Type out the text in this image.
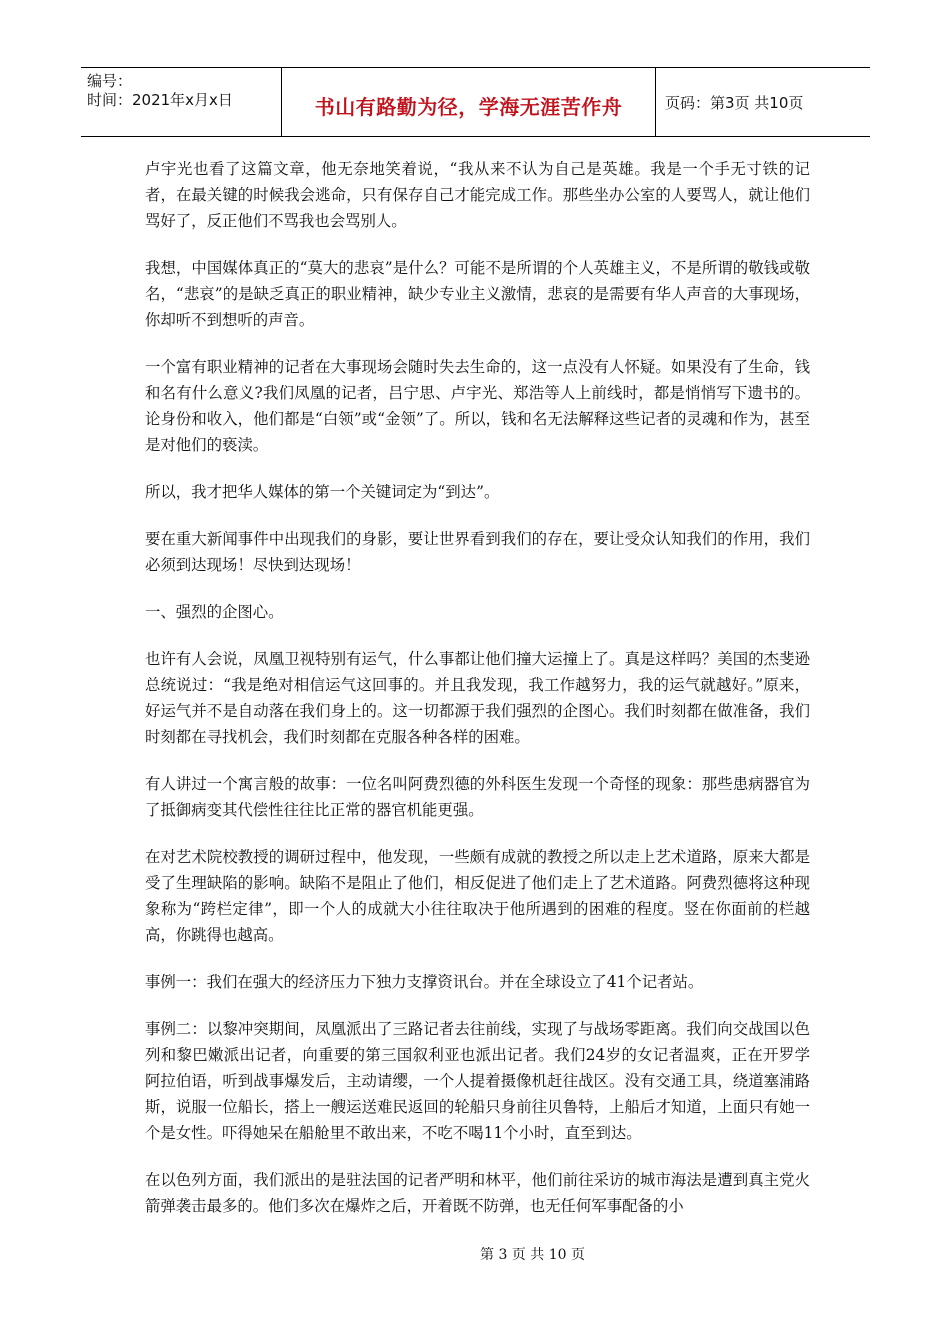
编号：
时间：2021年x月x日	书山有路勤为径，学海无涯苦作舟	页码：第3页 共10页

卢宇光也看了这篇文章，他无奈地笑着说，“我从来不认为自己是英雄。我是一个手无寸铁的记者，在最关键的时候我会逃命，只有保存自己才能完成工作。那些坐办公室的人要骂人，就让他们骂好了，反正他们不骂我也会骂别人。

我想，中国媒体真正的“莫大的悲哀”是什么？可能不是所谓的个人英雄主义，不是所谓的敬钱或敬名，“悲哀”的是缺乏真正的职业精神，缺少专业主义激情，悲哀的是需要有华人声音的大事现场，你却听不到想听的声音。

一个富有职业精神的记者在大事现场会随时失去生命的，这一点没有人怀疑。如果没有了生命，钱和名有什么意义?我们凤凰的记者，吕宁思、卢宇光、郑浩等人上前线时，都是悄悄写下遗书的。论身份和收入，他们都是“白领”或“金领”了。所以，钱和名无法解释这些记者的灵魂和作为，甚至是对他们的亵渎。

所以，我才把华人媒体的第一个关键词定为“到达”。

要在重大新闻事件中出现我们的身影，要让世界看到我们的存在，要让受众认知我们的作用，我们必须到达现场！尽快到达现场！

一、强烈的企图心。

也许有人会说，凤凰卫视特别有运气，什么事都让他们撞大运撞上了。真是这样吗？美国的杰斐逊总统说过：“我是绝对相信运气这回事的。并且我发现，我工作越努力，我的运气就越好。”原来，好运气并不是自动落在我们身上的。这一切都源于我们强烈的企图心。我们时刻都在做准备，我们时刻都在寻找机会，我们时刻都在克服各种各样的困难。

有人讲过一个寓言般的故事：一位名叫阿费烈德的外科医生发现一个奇怪的现象：那些患病器官为了抵御病变其代偿性往往比正常的器官机能更强。

在对艺术院校教授的调研过程中，他发现，一些颇有成就的教授之所以走上艺术道路，原来大都是受了生理缺陷的影响。缺陷不是阻止了他们，相反促进了他们走上了艺术道路。阿费烈德将这种现象称为“跨栏定律”，即一个人的成就大小往往取决于他所遇到的困难的程度。竖在你面前的栏越高，你跳得也越高。

事例一：我们在强大的经济压力下独力支撑资讯台。并在全球设立了41个记者站。

事例二：以黎冲突期间，凤凰派出了三路记者去往前线，实现了与战场零距离。我们向交战国以色列和黎巴嫩派出记者，向重要的第三国叙利亚也派出记者。我们24岁的女记者温爽，正在开罗学阿拉伯语，听到战事爆发后，主动请缨，一个人提着摄像机赶往战区。没有交通工具，绕道塞浦路斯，说服一位船长，搭上一艘运送难民返回的轮船只身前往贝鲁特，上船后才知道，上面只有她一个是女性。吓得她呆在船舱里不敢出来，不吃不喝11个小时，直至到达。

在以色列方面，我们派出的是驻法国的记者严明和林平，他们前往采访的城市海法是遭到真主党火箭弹袭击最多的。他们多次在爆炸之后，开着既不防弹，也无任何军事配备的小

第 3 页 共 10 页
